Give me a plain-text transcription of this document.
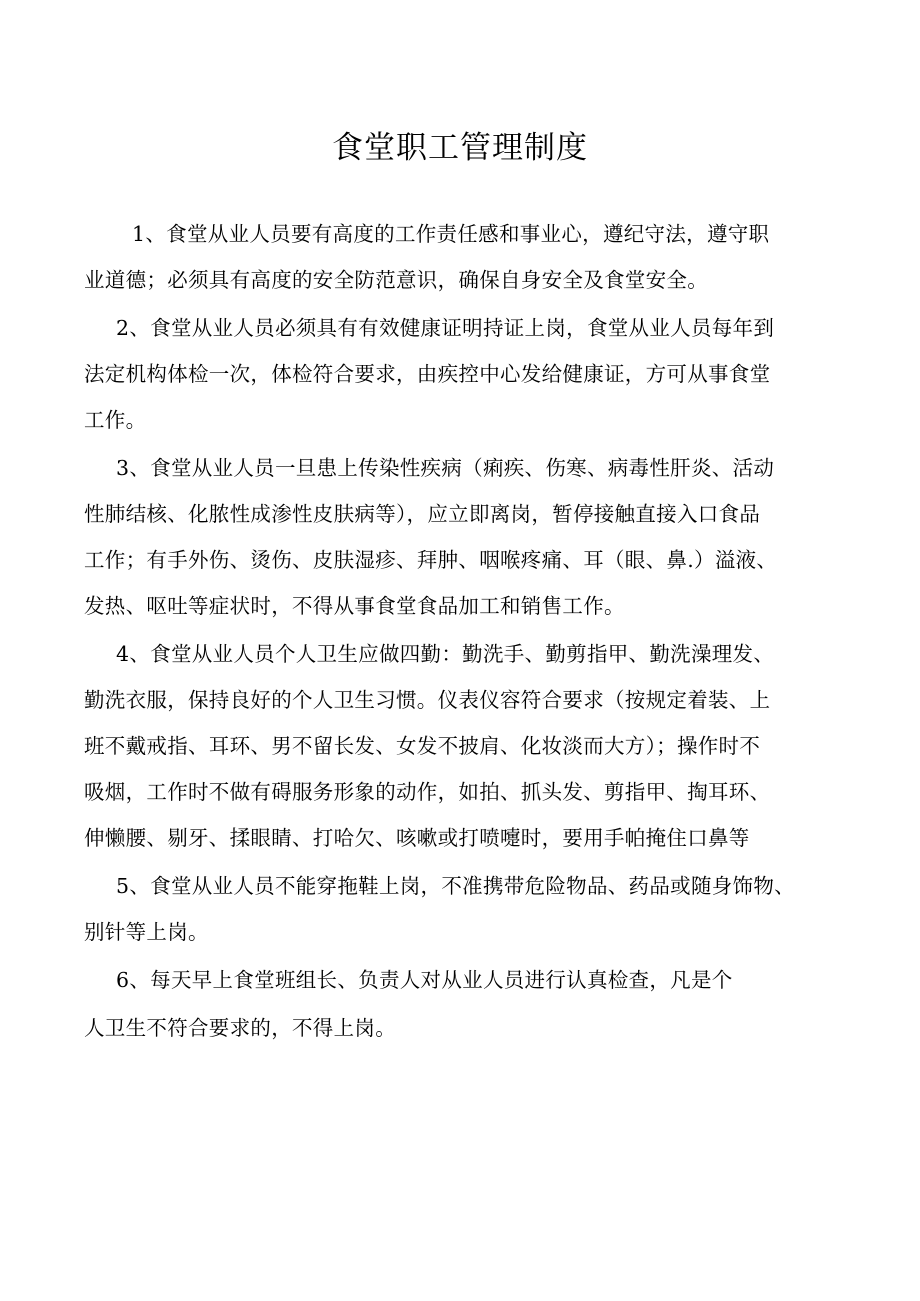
食堂职工管理制度
1、食堂从业人员要有高度的工作责任感和事业心，遵纪守法，遵守职
业道德；必须具有高度的安全防范意识，确保自身安全及食堂安全。
2、食堂从业人员必须具有有效健康证明持证上岗，食堂从业人员每年到
法定机构体检一次，体检符合要求，由疾控中心发给健康证，方可从事食堂
工作。
3、食堂从业人员一旦患上传染性疾病（痢疾、伤寒、病毒性肝炎、活动
性肺结核、化脓性成渗性皮肤病等），应立即离岗，暂停接触直接入口食品
工作；有手外伤、烫伤、皮肤湿疹、拜肿、咽喉疼痛、耳（眼、鼻.）溢液、
发热、呕吐等症状时，不得从事食堂食品加工和销售工作。
4、食堂从业人员个人卫生应做四勤：勤洗手、勤剪指甲、勤洗澡理发、
勤洗衣服，保持良好的个人卫生习惯。仪表仪容符合要求（按规定着装、上
班不戴戒指、耳环、男不留长发、女发不披肩、化妆淡而大方）；操作时不
吸烟，工作时不做有碍服务形象的动作，如拍、抓头发、剪指甲、掏耳环、
伸懒腰、剔牙、揉眼睛、打哈欠、咳嗽或打喷嚏时，要用手帕掩住口鼻等
5、食堂从业人员不能穿拖鞋上岗，不准携带危险物品、药品或随身饰物、
别针等上岗。
6、每天早上食堂班组长、负责人对从业人员进行认真检查，凡是个
人卫生不符合要求的，不得上岗。
